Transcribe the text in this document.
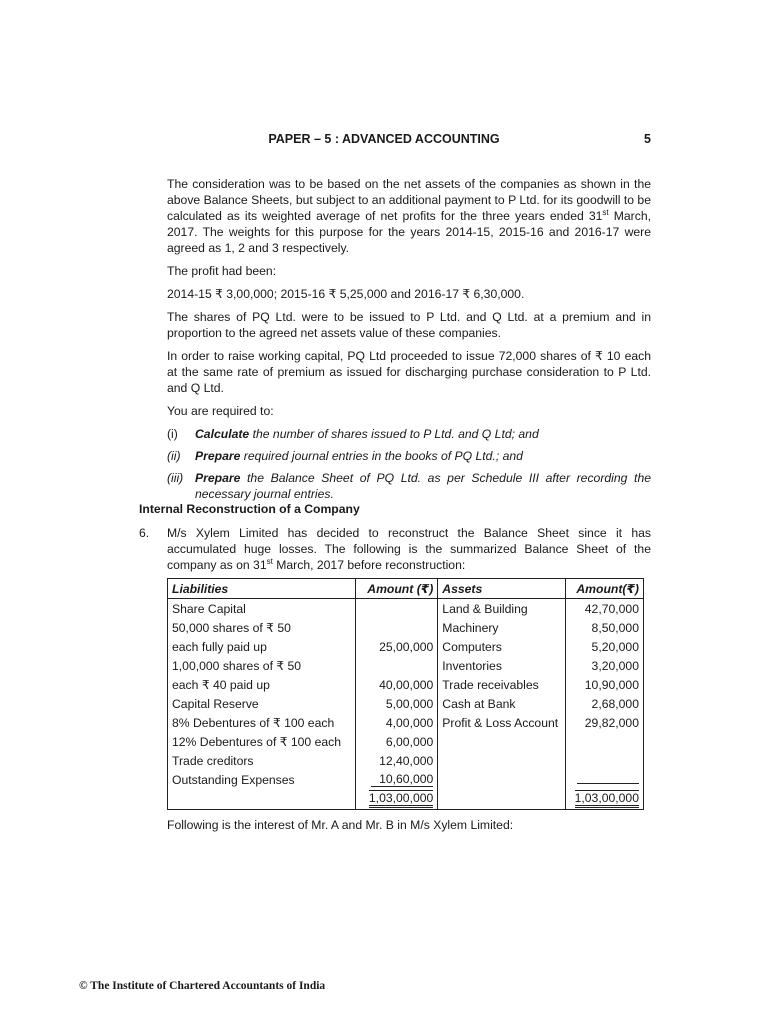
PAPER – 5 : ADVANCED ACCOUNTING	5

The consideration was to be based on the net assets of the companies as shown in the above Balance Sheets, but subject to an additional payment to P Ltd. for its goodwill to be calculated as its weighted average of net profits for the three years ended 31st March, 2017. The weights for this purpose for the years 2014-15, 2015-16 and 2016-17 were agreed as 1, 2 and 3 respectively.

The profit had been:

2014-15 ₹ 3,00,000; 2015-16 ₹ 5,25,000 and 2016-17 ₹ 6,30,000.

The shares of PQ Ltd. were to be issued to P Ltd. and Q Ltd. at a premium and in proportion to the agreed net assets value of these companies.

In order to raise working capital, PQ Ltd proceeded to issue 72,000 shares of ₹ 10 each at the same rate of premium as issued for discharging purchase consideration to P Ltd. and Q Ltd.

You are required to:

(i) Calculate the number of shares issued to P Ltd. and Q Ltd; and
(ii) Prepare required journal entries in the books of PQ Ltd.; and
(iii) Prepare the Balance Sheet of PQ Ltd. as per Schedule III after recording the necessary journal entries.
Internal Reconstruction of a Company
6. M/s Xylem Limited has decided to reconstruct the Balance Sheet since it has accumulated huge losses. The following is the summarized Balance Sheet of the company as on 31st March, 2017 before reconstruction:
Liabilities	Amount (₹)	Assets	Amount(₹)
Share Capital		Land & Building	42,70,000
50,000 shares of ₹ 50		Machinery	8,50,000
each fully paid up	25,00,000	Computers	5,20,000
1,00,000 shares of ₹ 50		Inventories	3,20,000
each ₹ 40 paid up	40,00,000	Trade receivables	10,90,000
Capital Reserve	5,00,000	Cash at Bank	2,68,000
8% Debentures of ₹ 100 each	4,00,000	Profit & Loss Account	29,82,000
12% Debentures of ₹ 100 each	6,00,000		
Trade creditors	12,40,000		
Outstanding Expenses	10,60,000		
	1,03,00,000		1,03,00,000
Following is the interest of Mr. A and Mr. B in M/s Xylem Limited:
© The Institute of Chartered Accountants of India
